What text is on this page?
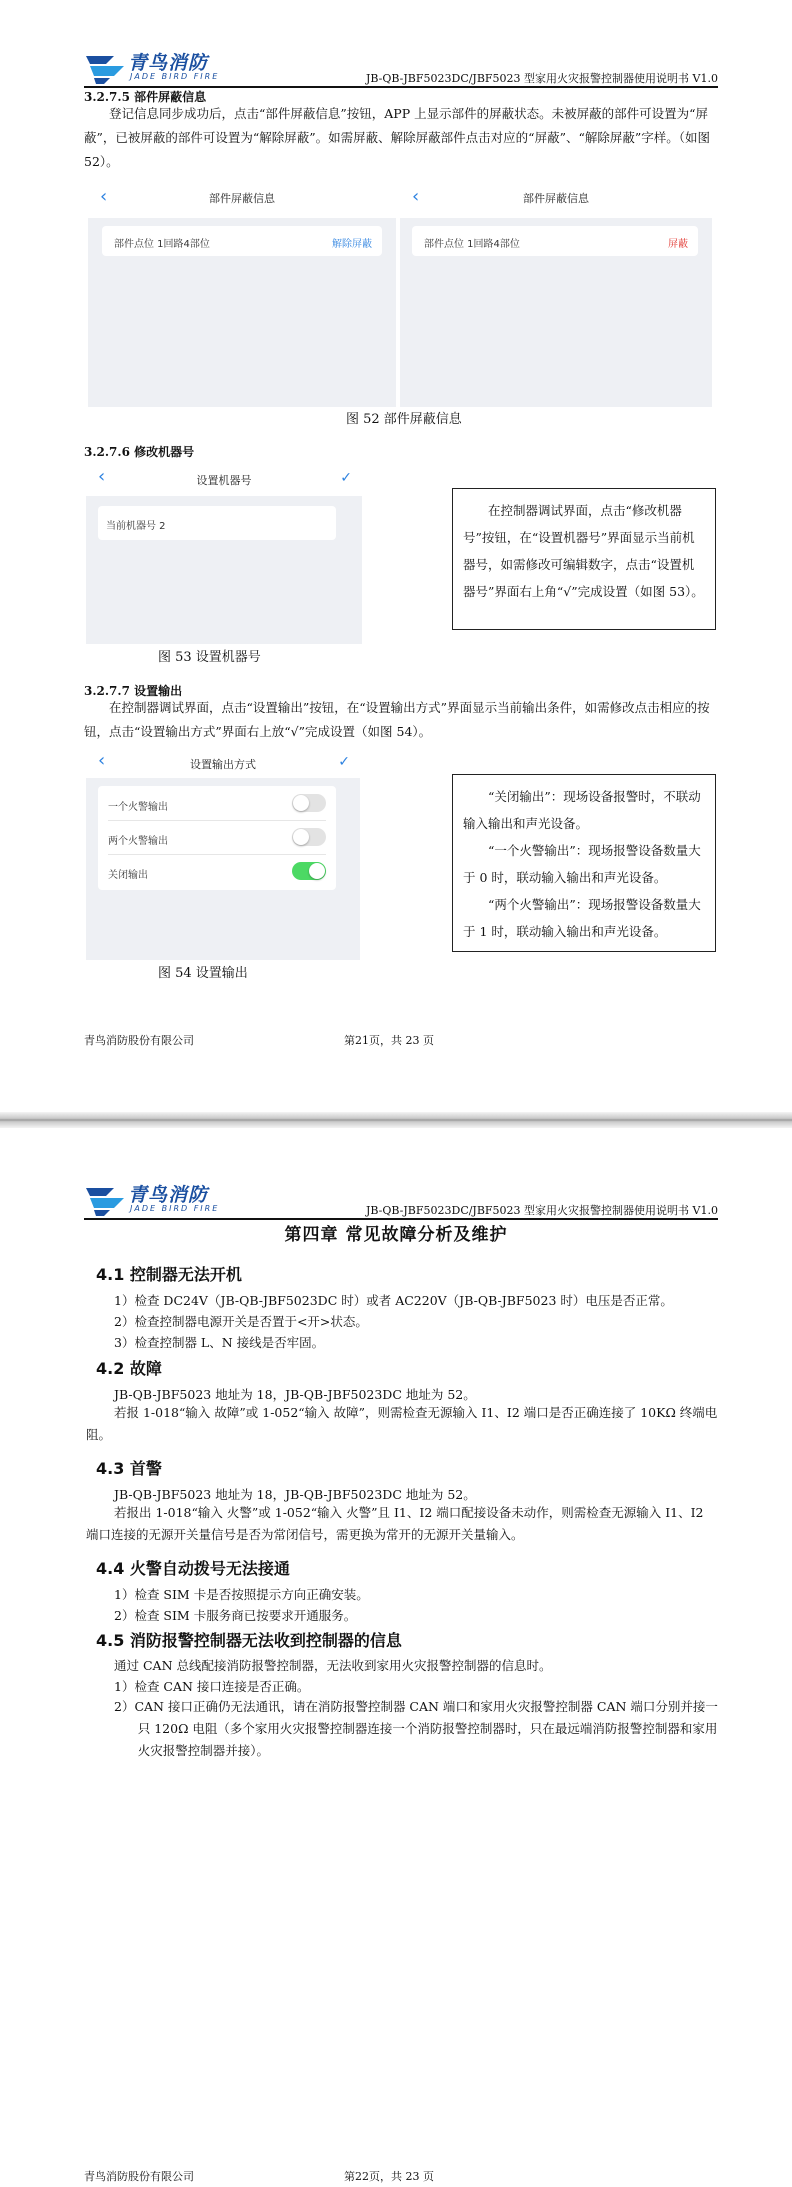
青鸟消防
JADE BIRD FIRE	JB-QB-JBF5023DC/JBF5023 型家用火灾报警控制器使用说明书 V1.0
3.2.7.5 部件屏蔽信息
登记信息同步成功后，点击“部件屏蔽信息”按钮，APP 上显示部件的屏蔽状态。未被屏蔽的部件可设置为“屏蔽”，已被屏蔽的部件可设置为“解除屏蔽”。如需屏蔽、解除屏蔽部件点击对应的“屏蔽”、“解除屏蔽”字样。（如图 52）。
‹	部件屏蔽信息
部件点位 1回路4部位	解除屏蔽
‹	部件屏蔽信息
部件点位 1回路4部位	屏蔽
图 52 部件屏蔽信息
3.2.7.6 修改机器号
‹	设置机器号	✓
当前机器号 2
图 53 设置机器号

在控制器调试界面，点击“修改机器号”按钮，在“设置机器号”界面显示当前机器号，如需修改可编辑数字，点击“设置机器号”界面右上角“√”完成设置（如图 53）。

3.2.7.7 设置输出
在控制器调试界面，点击“设置输出”按钮，在“设置输出方式”界面显示当前输出条件，如需修改点击相应的按钮，点击“设置输出方式”界面右上放“√”完成设置（如图 54）。
‹	设置输出方式	✓
一个火警输出
两个火警输出
关闭输出
图 54 设置输出

“关闭输出”：现场设备报警时，不联动输入输出和声光设备。

“一个火警输出”：现场报警设备数量大于 0 时，联动输入输出和声光设备。

“两个火警输出”：现场报警设备数量大于 1 时，联动输入输出和声光设备。

青鸟消防股份有限公司	第21页，共 23 页
青鸟消防
JADE BIRD FIRE	JB-QB-JBF5023DC/JBF5023 型家用火灾报警控制器使用说明书 V1.0
第四章 常见故障分析及维护
4.1 控制器无法开机
1）检查 DC24V（JB-QB-JBF5023DC 时）或者 AC220V（JB-QB-JBF5023 时）电压是否正常。
2）检查控制器电源开关是否置于<开>状态。
3）检查控制器 L、N 接线是否牢固。
4.2 故障
JB-QB-JBF5023 地址为 18，JB-QB-JBF5023DC 地址为 52。
若报 1-018“输入 故障”或 1-052“输入 故障”，则需检查无源输入 I1、I2 端口是否正确连接了 10KΩ 终端电阻。
4.3 首警
JB-QB-JBF5023 地址为 18，JB-QB-JBF5023DC 地址为 52。
若报出 1-018“输入 火警”或 1-052“输入 火警”且 I1、I2 端口配接设备未动作，则需检查无源输入 I1、I2 端口连接的无源开关量信号是否为常闭信号，需更换为常开的无源开关量输入。
4.4 火警自动拨号无法接通
1）检查 SIM 卡是否按照提示方向正确安装。
2）检查 SIM 卡服务商已按要求开通服务。
4.5 消防报警控制器无法收到控制器的信息
通过 CAN 总线配接消防报警控制器，无法收到家用火灾报警控制器的信息时。
1）检查 CAN 接口连接是否正确。
2）CAN 接口正确仍无法通讯，请在消防报警控制器 CAN 端口和家用火灾报警控制器 CAN 端口分别并接一只 120Ω 电阻（多个家用火灾报警控制器连接一个消防报警控制器时，只在最远端消防报警控制器和家用火灾报警控制器并接）。
青鸟消防股份有限公司	第22页，共 23 页
